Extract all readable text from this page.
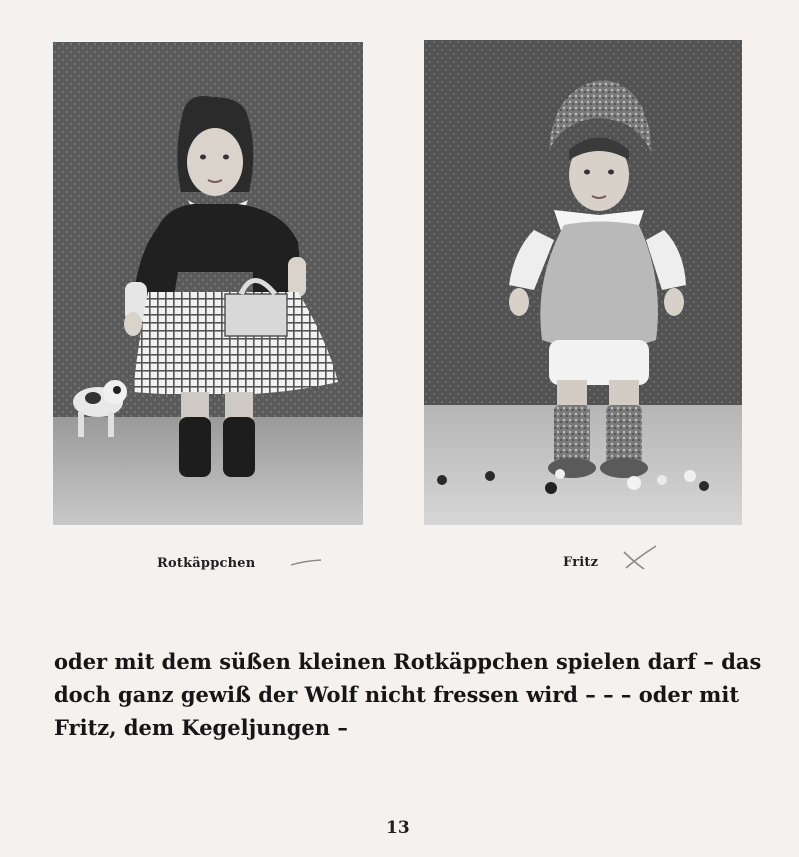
Rotkäppchen	Fritz
oder mit dem süßen kleinen Rotkäppchen spielen darf – das
doch ganz gewiß der Wolf nicht fressen wird – – – oder mit
Fritz, dem Kegeljungen –
13
